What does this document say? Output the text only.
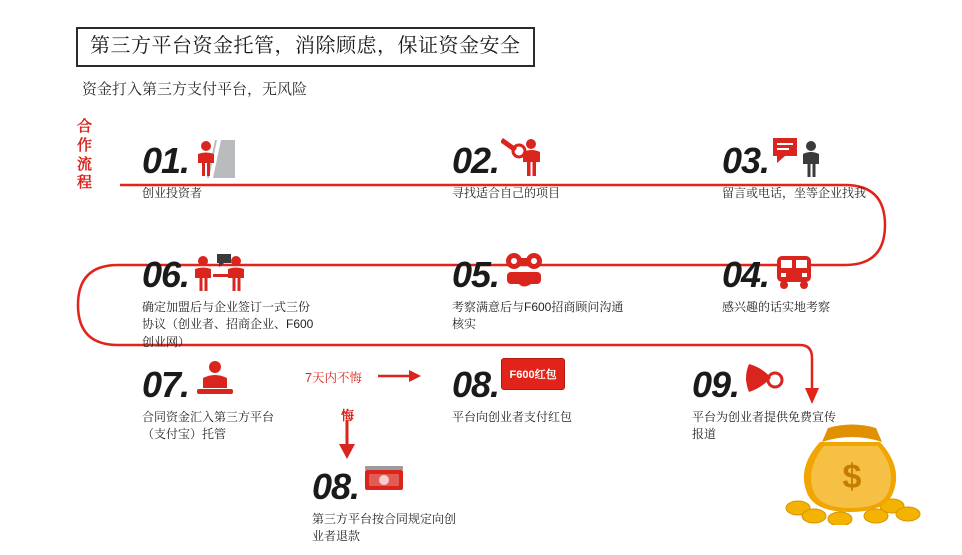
第三方平台资金托管，消除顾虑，保证资金安全
资金打入第三方支付平台，无风险
合作流程
01.
创业投资者
02.
寻找适合自己的项目
03.
留言或电话，坐等企业找我
06.
确定加盟后与企业签订一式三份协议（创业者、招商企业、F600创业网）
05.
考察满意后与F600招商顾问沟通核实
04.
感兴趣的话实地考察
07.
合同资金汇入第三方平台（支付宝）托管
08. F600红包
平台向创业者支付红包
09.
平台为创业者提供免费宣传报道
7天内不悔
悔
08.
第三方平台按合同规定向创业者退款
$
